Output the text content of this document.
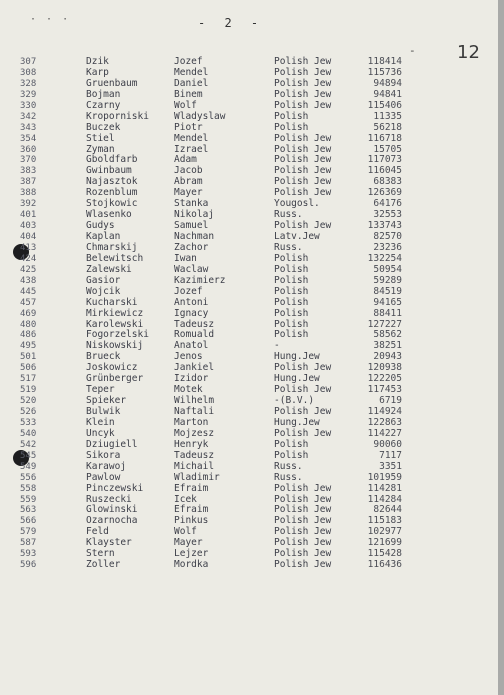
· · ·	- 2 -
- 12
307	Dzik	Jozef	Polish Jew	118414
308	Karp	Mendel	Polish Jew	115736
328	Gruenbaum	Daniel	Polish Jew	94894
329	Bojman	Binem	Polish Jew	94841
330	Czarny	Wolf	Polish Jew	115406
342	Kroporniski	Wladyslaw	Polish	11335
343	Buczek	Piotr	Polish	56218
354	Stiel	Mendel	Polish Jew	116718
360	Zyman	Izrael	Polish Jew	15705
370	Gboldfarb	Adam	Polish Jew	117073
383	Gwinbaum	Jacob	Polish Jew	116045
387	Najasztok	Abram	Polish Jew	68383
388	Rozenblum	Mayer	Polish Jew	126369
392	Stojkowic	Stanka	Yougosl.	64176
401	Wlasenko	Nikolaj	Russ.	32553
403	Gudys	Samuel	Polish Jew	133743
404	Kaplan	Nachman	Latv.Jew	82570
413	Chmarskij	Zachor	Russ.	23236
424	Belewitsch	Iwan	Polish	132254
425	Zalewski	Waclaw	Polish	50954
438	Gasior	Kazimierz	Polish	59289
445	Wojcik	Jozef	Polish	84519
457	Kucharski	Antoni	Polish	94165
469	Mirkiewicz	Ignacy	Polish	88411
480	Karolewski	Tadeusz	Polish	127227
486	Fogorzelski	Romuald	Polish	58562
495	Niskowskij	Anatol	-	38251
501	Brueck	Jenos	Hung.Jew	20943
506	Joskowicz	Jankiel	Polish Jew	120938
517	Grünberger	Izidor	Hung.Jew	122205
519	Teper	Motek	Polish Jew	117453
520	Spieker	Wilhelm	-(B.V.)	6719
526	Bulwik	Naftali	Polish Jew	114924
533	Klein	Marton	Hung.Jew	122863
540	Uncyk	Mojzesz	Polish Jew	114227
542	Dziugiell	Henryk	Polish	90060
545	Sikora	Tadeusz	Polish	7117
549	Karawoj	Michail	Russ.	3351
556	Pawlow	Wladimir	Russ.	101959
558	Pinczewski	Efraim	Polish Jew	114281
559	Ruszecki	Icek	Polish Jew	114284
563	Glowinski	Efraim	Polish Jew	82644
566	Ozarnocha	Pinkus	Polish Jew	115183
579	Feld	Wolf	Polish Jew	102977
587	Klayster	Mayer	Polish Jew	121699
593	Stern	Lejzer	Polish Jew	115428
596	Zoller	Mordka	Polish Jew	116436
